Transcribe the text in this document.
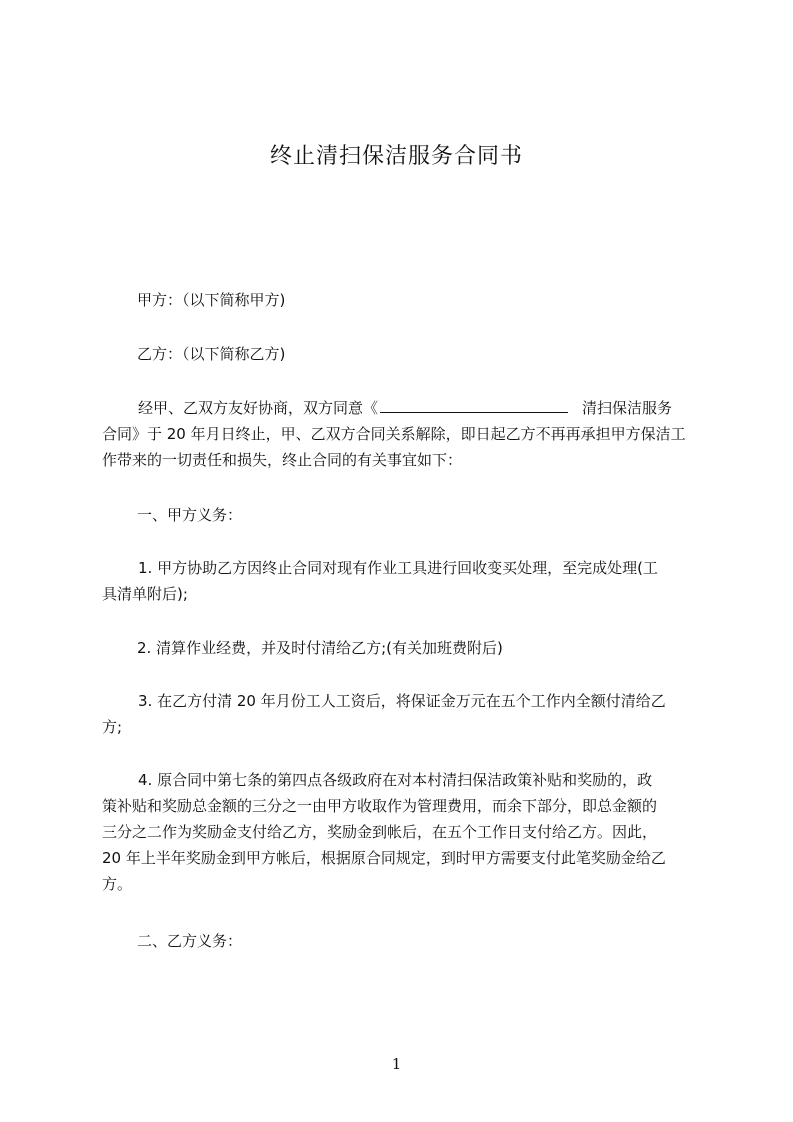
终止清扫保洁服务合同书
甲方：（以下简称甲方)
乙方：（以下简称乙方)
经甲、乙双方友好协商，双方同意《	清扫保洁服务
合同》于 20 年月日终止，甲、乙双方合同关系解除，即日起乙方不再再承担甲方保洁工
作带来的一切责任和损失，终止合同的有关事宜如下：
一、甲方义务：
1. 甲方协助乙方因终止合同对现有作业工具进行回收变买处理，至完成处理(工
具清单附后);
2. 清算作业经费，并及时付清给乙方;(有关加班费附后)
3. 在乙方付清 20 年月份工人工资后，将保证金万元在五个工作内全额付清给乙
方;
4. 原合同中第七条的第四点各级政府在对本村清扫保洁政策补贴和奖励的，政
策补贴和奖励总金额的三分之一由甲方收取作为管理费用，而余下部分，即总金额的
三分之二作为奖励金支付给乙方，奖励金到帐后，在五个工作日支付给乙方。因此，
20 年上半年奖励金到甲方帐后，根据原合同规定，到时甲方需要支付此笔奖励金给乙
方。
二、乙方义务：
1
